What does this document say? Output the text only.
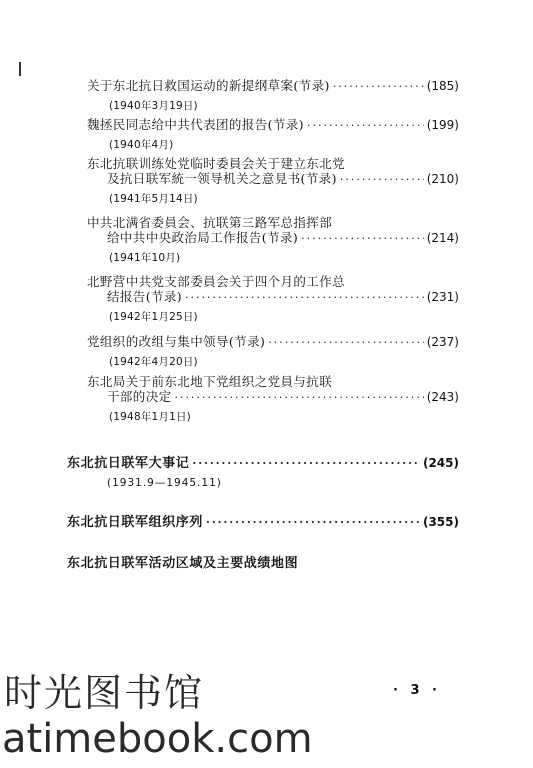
关于东北抗日救国运动的新提纲草案(节录) ·····	(185)
(1940年3月19日)
魏拯民同志给中共代表团的报告(节录) ·····	(199)
(1940年4月)
东北抗联训练处党临时委員会关于建立东北党
及抗日联军統一领导机关之意見书(节录) ·····	(210)
(1941年5月14日)
中共北满省委員会、抗联第三路军总指挥部
给中共中央政治局工作报告(节录) ·····	(214)
(1941年10月)
北野营中共党支部委員会关于四个月的工作总
结报告(节录) ·····	(231)
(1942年1月25日)
党组织的改组与集中领导(节录) ·····	(237)
(1942年4月20日)
东北局关于前东北地下党组织之党員与抗联
干部的决定 ·····	(243)
(1948年1月1日)
东北抗日联军大事记 ·····	(245)
(1931.9—1945.11)
东北抗日联军组织序列 ·····	(355)
东北抗日联军活动区域及主要战绩地图
· 3 ·
时光图书馆
atimebook.com
